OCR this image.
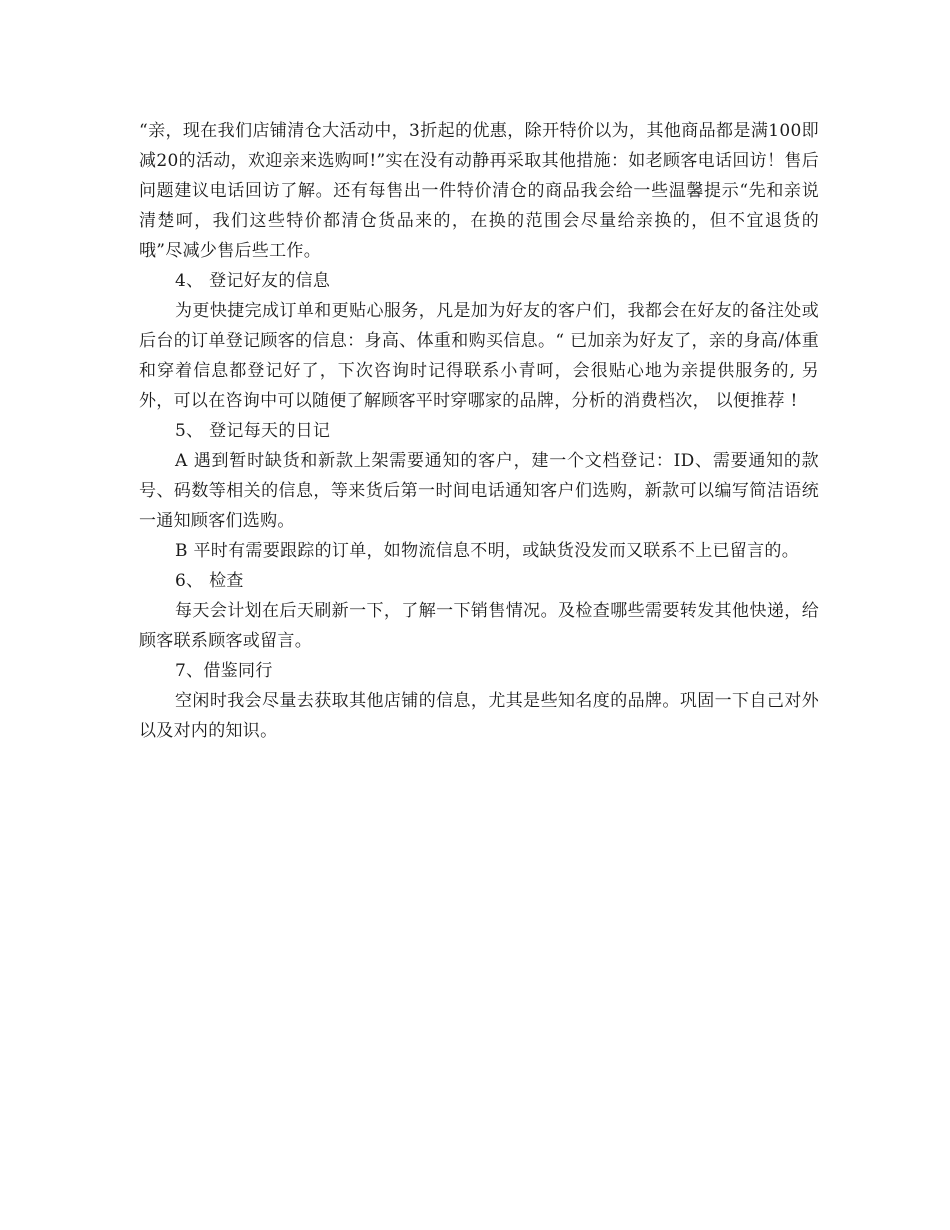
“亲，现在我们店铺清仓大活动中，3折起的优惠，除开特价以为，其他商品都是满100即减20的活动，欢迎亲来选购呵!”实在没有动静再采取其他措施：如老顾客电话回访！售后问题建议电话回访了解。还有每售出一件特价清仓的商品我会给一些温馨提示“先和亲说清楚呵，我们这些特价都清仓货品来的，在换的范围会尽量给亲换的，但不宜退货的哦”尽减少售后些工作。

4、 登记好友的信息

为更快捷完成订单和更贴心服务，凡是加为好友的客户们，我都会在好友的备注处或后台的订单登记顾客的信息：身高、体重和购买信息。“ 已加亲为好友了，亲的身高/体重和穿着信息都登记好了，下次咨询时记得联系小青呵，会很贴心地为亲提供服务的, 另外，可以在咨询中可以随便了解顾客平时穿哪家的品牌，分析的消费档次， 以便推荐 !

5、 登记每天的日记

A 遇到暂时缺货和新款上架需要通知的客户，建一个文档登记：ID、需要通知的款号、码数等相关的信息，等来货后第一时间电话通知客户们选购，新款可以编写简洁语统一通知顾客们选购。

B 平时有需要跟踪的订单，如物流信息不明，或缺货没发而又联系不上已留言的。

6、 检查

每天会计划在后天刷新一下，了解一下销售情况。及检查哪些需要转发其他快递，给顾客联系顾客或留言。

7、借鉴同行

空闲时我会尽量去获取其他店铺的信息，尤其是些知名度的品牌。巩固一下自己对外以及对内的知识。
